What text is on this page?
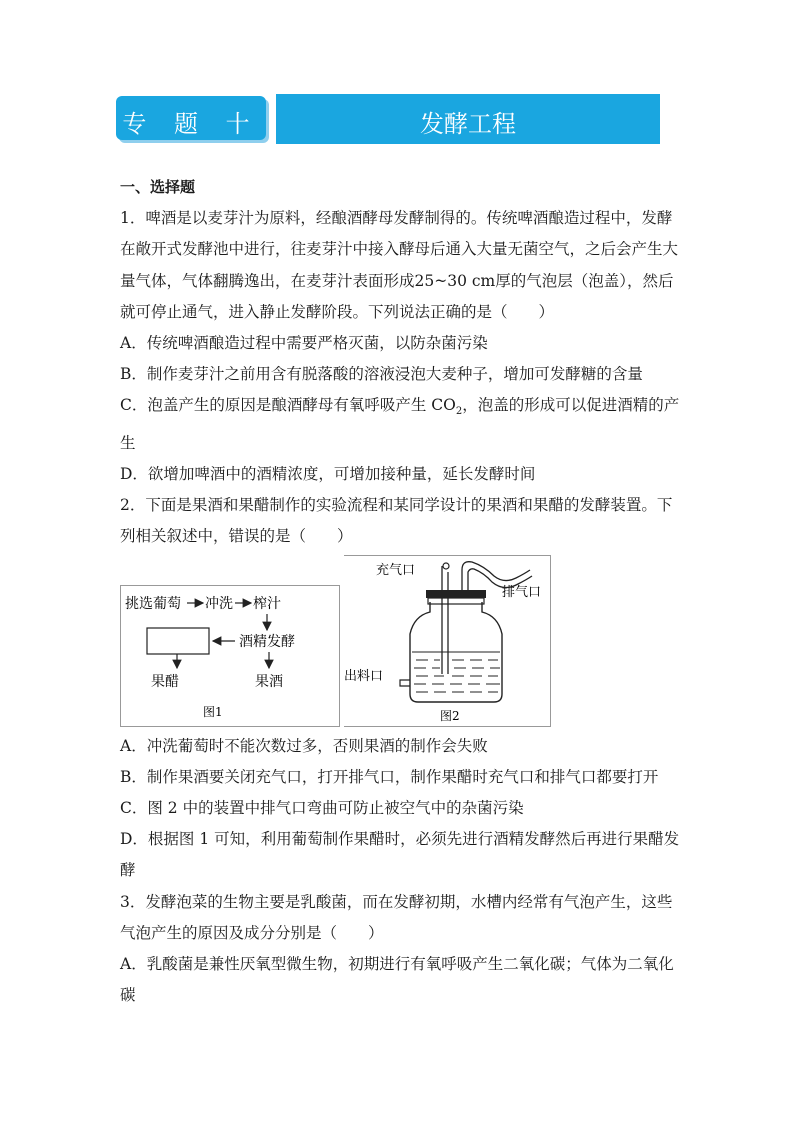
专 题 十	发酵工程

一、选择题

1．啤酒是以麦芽汁为原料，经酿酒酵母发酵制得的。传统啤酒酿造过程中，发酵在敞开式发酵池中进行，往麦芽汁中接入酵母后通入大量无菌空气，之后会产生大量气体，气体翻腾逸出，在麦芽汁表面形成25~30 cm厚的气泡层（泡盖），然后就可停止通气，进入静止发酵阶段。下列说法正确的是（　　）

A．传统啤酒酿造过程中需要严格灭菌，以防杂菌污染

B．制作麦芽汁之前用含有脱落酸的溶液浸泡大麦种子，增加可发酵糖的含量

C．泡盖产生的原因是酿酒酵母有氧呼吸产生 $CO_2$，泡盖的形成可以促进酒精的产生

D．欲增加啤酒中的酒精浓度，可增加接种量，延长发酵时间

2．下面是果酒和果醋制作的实验流程和某同学设计的果酒和果醋的发酵装置。下列相关叙述中，错误的是（　　）

挑选葡萄 冲洗 榨汁
酒精发酵
果醋	果酒
图1
充气口
排气口
出料口
图2

A．冲洗葡萄时不能次数过多，否则果酒的制作会失败

B．制作果酒要关闭充气口，打开排气口，制作果醋时充气口和排气口都要打开

C．图 2 中的装置中排气口弯曲可防止被空气中的杂菌污染

D．根据图 1 可知，利用葡萄制作果醋时，必须先进行酒精发酵然后再进行果醋发酵

3．发酵泡菜的生物主要是乳酸菌，而在发酵初期，水槽内经常有气泡产生，这些气泡产生的原因及成分分别是（　　）

A．乳酸菌是兼性厌氧型微生物，初期进行有氧呼吸产生二氧化碳；气体为二氧化碳
